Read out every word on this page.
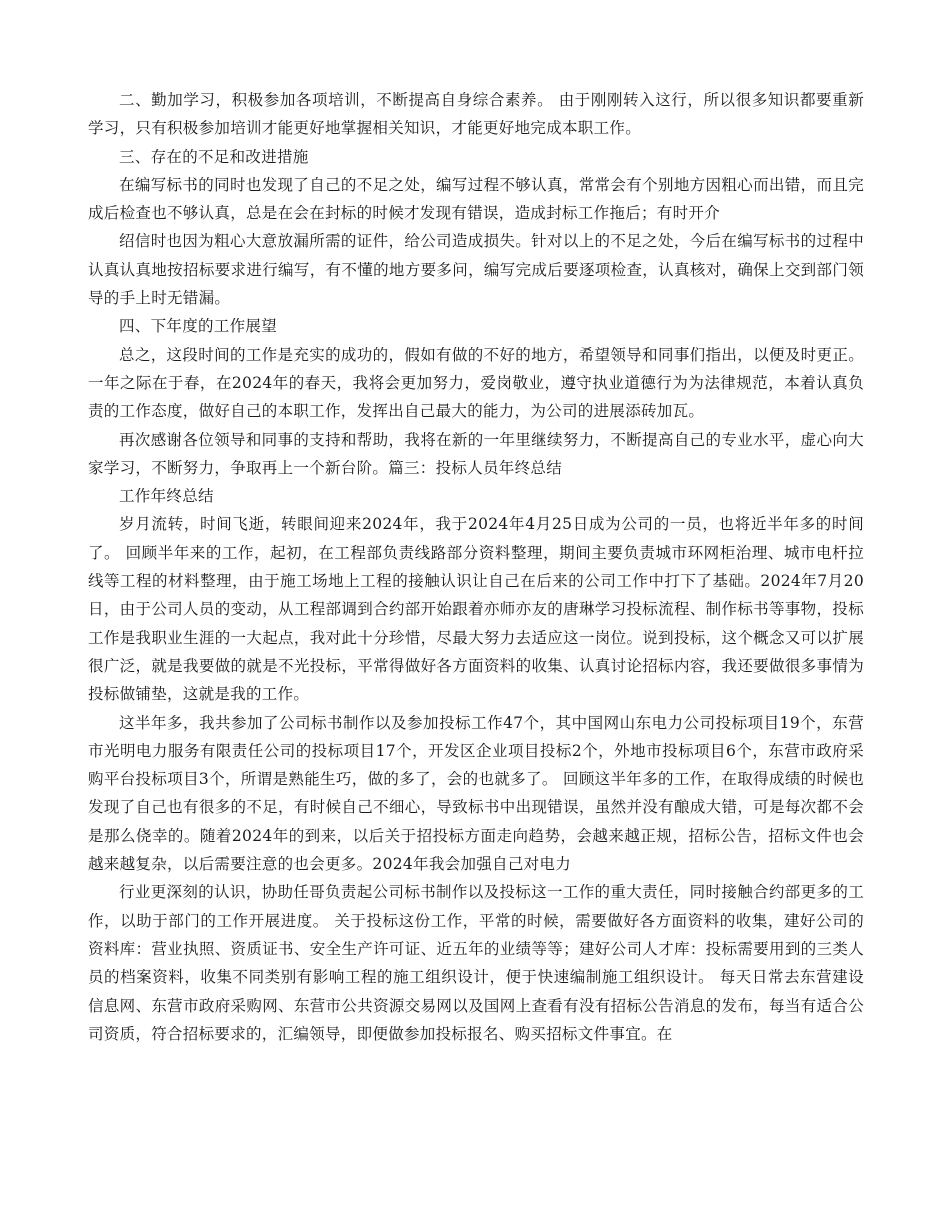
二、勤加学习，积极参加各项培训，不断提高自身综合素养。 由于刚刚转入这行，所以很多知识都要重新学习，只有积极参加培训才能更好地掌握相关知识，才能更好地完成本职工作。

三、存在的不足和改进措施

在编写标书的同时也发现了自己的不足之处，编写过程不够认真，常常会有个别地方因粗心而出错，而且完成后检查也不够认真，总是在会在封标的时候才发现有错误，造成封标工作拖后；有时开介

绍信时也因为粗心大意放漏所需的证件，给公司造成损失。针对以上的不足之处，今后在编写标书的过程中认真认真地按招标要求进行编写，有不懂的地方要多问，编写完成后要逐项检查，认真核对，确保上交到部门领导的手上时无错漏。

四、下年度的工作展望

总之，这段时间的工作是充实的成功的，假如有做的不好的地方，希望领导和同事们指出，以便及时更正。一年之际在于春，在2024年的春天，我将会更加努力，爱岗敬业，遵守执业道德行为为法律规范，本着认真负责的工作态度，做好自己的本职工作，发挥出自己最大的能力，为公司的进展添砖加瓦。

再次感谢各位领导和同事的支持和帮助，我将在新的一年里继续努力，不断提高自己的专业水平，虚心向大家学习，不断努力，争取再上一个新台阶。篇三：投标人员年终总结

工作年终总结

岁月流转，时间飞逝，转眼间迎来2024年，我于2024年4月25日成为公司的一员，也将近半年多的时间了。 回顾半年来的工作，起初，在工程部负责线路部分资料整理，期间主要负责城市环网柜治理、城市电杆拉线等工程的材料整理，由于施工场地上工程的接触认识让自己在后来的公司工作中打下了基础。2024年7月20日，由于公司人员的变动，从工程部调到合约部开始跟着亦师亦友的唐琳学习投标流程、制作标书等事物，投标工作是我职业生涯的一大起点，我对此十分珍惜，尽最大努力去适应这一岗位。说到投标，这个概念又可以扩展很广泛，就是我要做的就是不光投标，平常得做好各方面资料的收集、认真讨论招标内容，我还要做很多事情为投标做铺垫，这就是我的工作。

这半年多，我共参加了公司标书制作以及参加投标工作47个，其中国网山东电力公司投标项目19个，东营市光明电力服务有限责任公司的投标项目17个，开发区企业项目投标2个，外地市投标项目6个，东营市政府采购平台投标项目3个，所谓是熟能生巧，做的多了，会的也就多了。 回顾这半年多的工作，在取得成绩的时候也发现了自己也有很多的不足，有时候自己不细心，导致标书中出现错误，虽然并没有酿成大错，可是每次都不会是那么侥幸的。随着2024年的到来，以后关于招投标方面走向趋势，会越来越正规，招标公告，招标文件也会越来越复杂，以后需要注意的也会更多。2024年我会加强自己对电力

行业更深刻的认识，协助任哥负责起公司标书制作以及投标这一工作的重大责任，同时接触合约部更多的工作，以助于部门的工作开展进度。 关于投标这份工作，平常的时候，需要做好各方面资料的收集，建好公司的资料库：营业执照、资质证书、安全生产许可证、近五年的业绩等等；建好公司人才库：投标需要用到的三类人员的档案资料，收集不同类别有影响工程的施工组织设计，便于快速编制施工组织设计。 每天日常去东营建设信息网、东营市政府采购网、东营市公共资源交易网以及国网上查看有没有招标公告消息的发布，每当有适合公司资质，符合招标要求的，汇编领导，即便做参加投标报名、购买招标文件事宜。在
